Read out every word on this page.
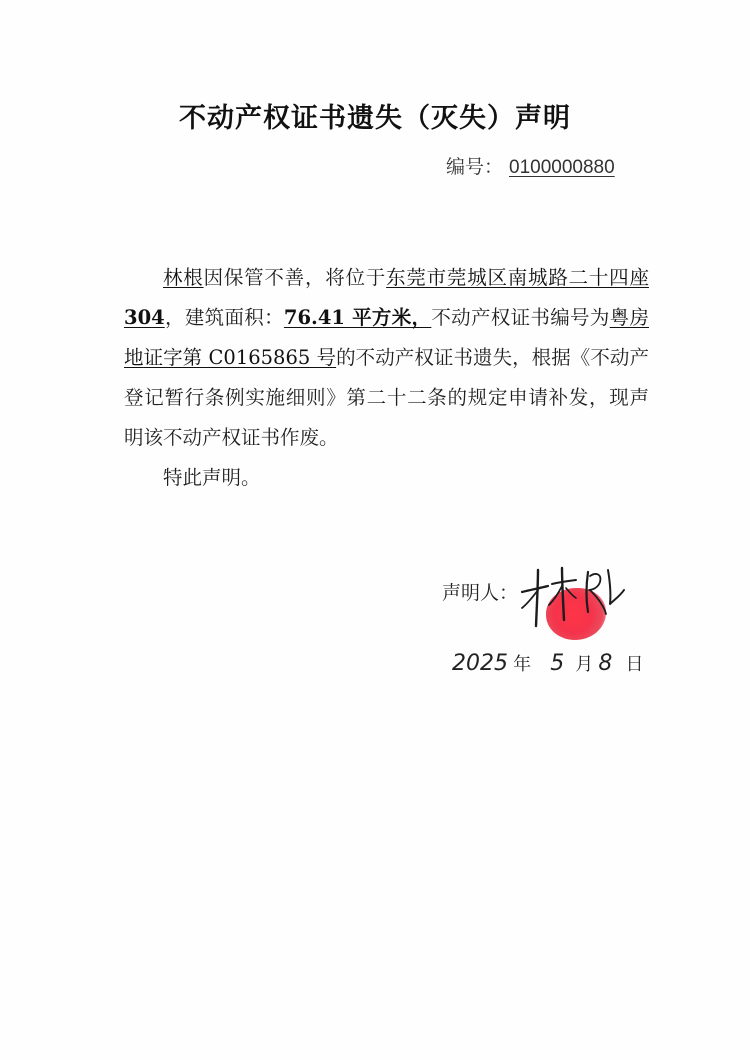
不动产权证书遗失（灭失）声明
编号： 0100000880

林根因保管不善，将位于东莞市莞城区南城路二十四座304，建筑面积：76.41 平方米，不动产权证书编号为粤房地证字第 C0165865 号的不动产权证书遗失，根据《不动产登记暂行条例实施细则》第二十二条的规定申请补发，现声明该不动产权证书作废。

特此声明。

声明人：
2025 年 5 月 8 日
